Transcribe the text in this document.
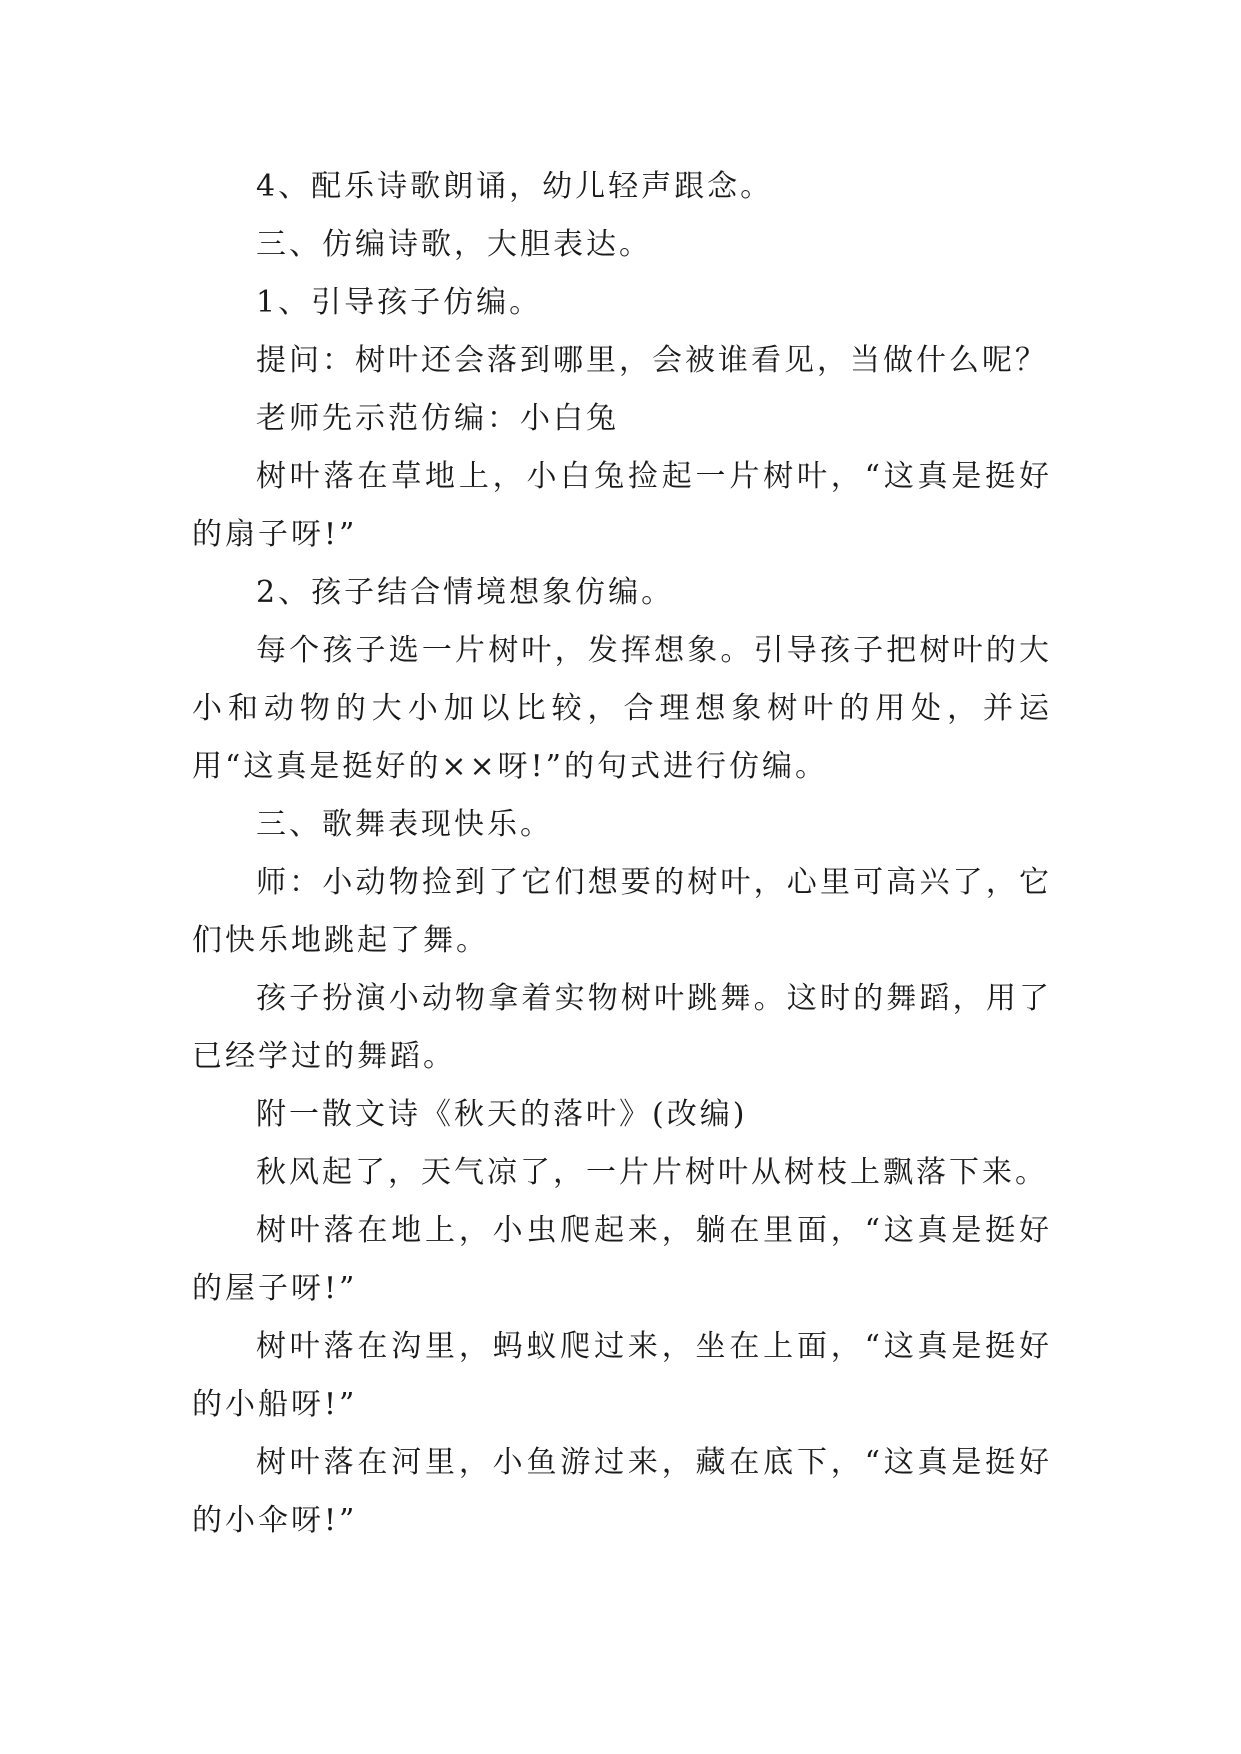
4、配乐诗歌朗诵，幼儿轻声跟念。

三、仿编诗歌，大胆表达。

1、引导孩子仿编。

提问：树叶还会落到哪里，会被谁看见，当做什么呢？

老师先示范仿编：小白兔

树叶落在草地上，小白兔捡起一片树叶，“这真是挺好的扇子呀!”

2、孩子结合情境想象仿编。

每个孩子选一片树叶，发挥想象。引导孩子把树叶的大小和动物的大小加以比较，合理想象树叶的用处，并运用“这真是挺好的××呀!”的句式进行仿编。

三、歌舞表现快乐。

师：小动物捡到了它们想要的树叶，心里可高兴了，它们快乐地跳起了舞。

孩子扮演小动物拿着实物树叶跳舞。这时的舞蹈，用了已经学过的舞蹈。

附一散文诗《秋天的落叶》(改编)

秋风起了，天气凉了，一片片树叶从树枝上飘落下来。

树叶落在地上，小虫爬起来，躺在里面，“这真是挺好的屋子呀!”

树叶落在沟里，蚂蚁爬过来，坐在上面，“这真是挺好的小船呀!”

树叶落在河里，小鱼游过来，藏在底下，“这真是挺好的小伞呀!”
